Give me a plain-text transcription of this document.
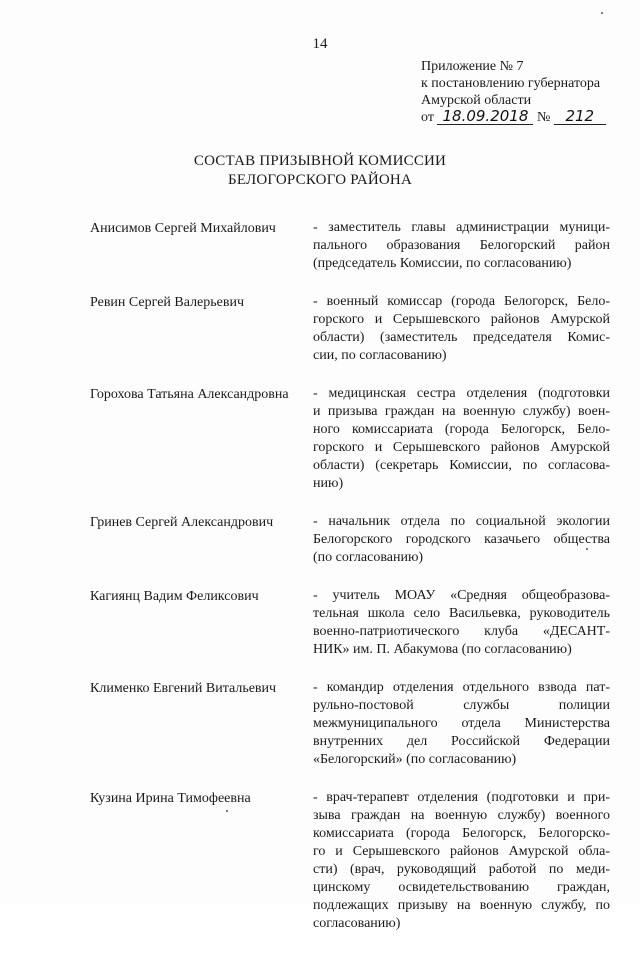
14
Приложение № 7
к постановлению губернатора
Амурской области
от 18.09.2018 № 212
СОСТАВ ПРИЗЫВНОЙ КОМИССИИ
БЕЛОГОРСКОГО РАЙОНА
Анисимов Сергей Михайлович	- заместитель главы администрации муници-
пального образования Белогорский район
(председатель Комиссии, по согласованию)
Ревин Сергей Валерьевич	- военный комиссар (города Белогорск, Бело-
горского и Серышевского районов Амурской
области) (заместитель председателя Комис-
сии, по согласованию)
Горохова Татьяна Александровна	- медицинская сестра отделения (подготовки
и призыва граждан на военную службу) воен-
ного комиссариата (города Белогорск, Бело-
горского и Серышевского районов Амурской
области) (секретарь Комиссии, по согласова-
нию)
Гринев Сергей Александрович	- начальник отдела по социальной экологии
Белогорского городского казачьего общества
(по согласованию)
Кагиянц Вадим Феликсович	- учитель МОАУ «Средняя общеобразова-
тельная школа село Васильевка, руководитель
военно-патриотического клуба «ДЕСАНТ-
НИК» им. П. Абакумова (по согласованию)
Клименко Евгений Витальевич	- командир отделения отдельного взвода пат-
рульно-постовой службы полиции
межмуниципального отдела Министерства
внутренних дел Российской Федерации
«Белогорский» (по согласованию)
Кузина Ирина Тимофеевна	- врач-терапевт отделения (подготовки и при-
зыва граждан на военную службу) военного
комиссариата (города Белогорск, Белогорско-
го и Серышевского районов Амурской обла-
сти) (врач, руководящий работой по меди-
цинскому освидетельствованию граждан,
подлежащих призыву на военную службу, по
согласованию)
